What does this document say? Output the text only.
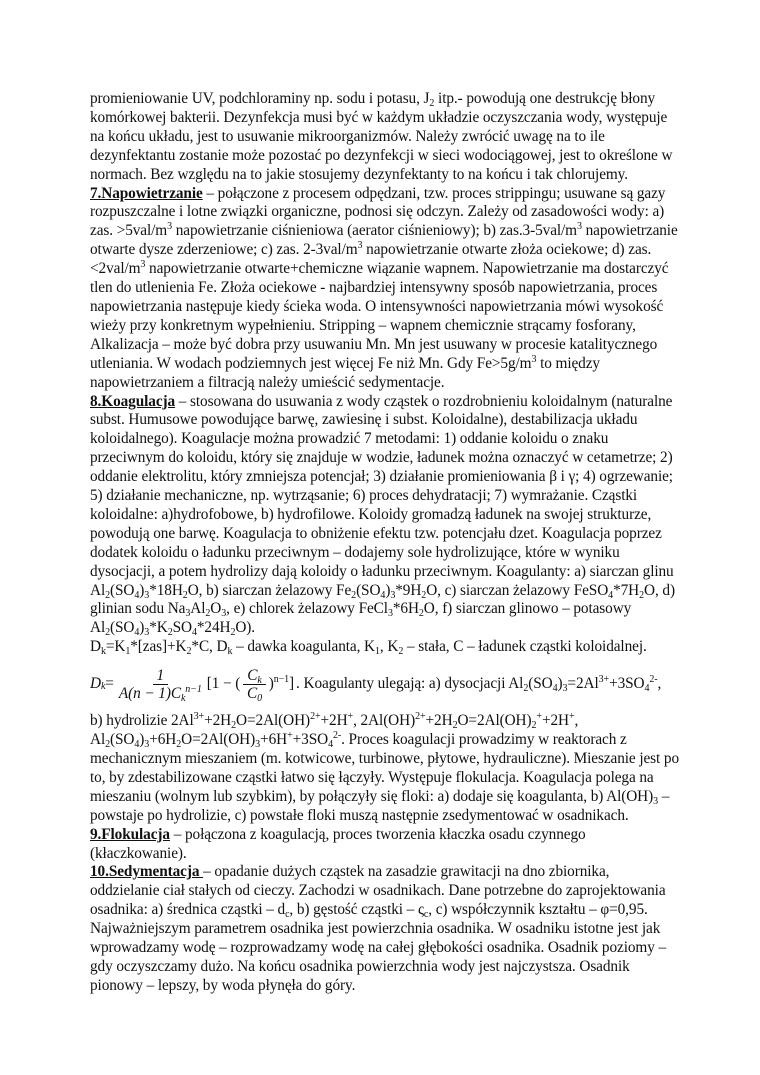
promieniowanie UV, podchloraminy np. sodu i potasu, $J_2$ itp.- powodują one destrukcję błony komórkowej bakterii. Dezynfekcja musi być w każdym układzie oczyszczania wody, występuje na końcu układu, jest to usuwanie mikroorganizmów. Należy zwrócić uwagę na to ile dezynfektantu zostanie może pozostać po dezynfekcji w sieci wodociągowej, jest to określone w normach. Bez względu na to jakie stosujemy dezynfektanty to na końcu i tak chlorujemy.

7.Napowietrzanie – połączone z procesem odpędzani, tzw. proces strippingu; usuwane są gazy rozpuszczalne i lotne związki organiczne, podnosi się odczyn. Zależy od zasadowości wody: a) zas. $>5val/m^3$ napowietrzanie ciśnieniowa (aerator ciśnieniowy); b) $zas.3-5val/m^3$ napowietrzanie otwarte dysze zderzeniowe; c) zas. $2-3val/m^3$ napowietrzanie otwarte złoża ociekowe; d) $zas.<2val/m^3$ napowietrzanie otwarte+chemiczne wiązanie wapnem. Napowietrzanie ma dostarczyć tlen do utlenienia Fe. Złoża ociekowe - najbardziej intensywny sposób napowietrzania, proces napowietrzania następuje kiedy ścieka woda. O intensywności napowietrzania mówi wysokość wieży przy konkretnym wypełnieniu. Stripping – wapnem chemicznie strącamy fosforany, Alkalizacja – może być dobra przy usuwaniu Mn. Mn jest usuwany w procesie katalitycznego utleniania. W wodach podziemnych jest więcej Fe niż Mn. Gdy $Fe>5g/m^3$ to między napowietrzaniem a filtracją należy umieścić sedymentacje.

8.Koagulacja – stosowana do usuwania z wody cząstek o rozdrobnieniu koloidalnym (naturalne subst. Humusowe powodujące barwę, zawiesinę i subst. Koloidalne), destabilizacja układu koloidalnego). Koagulacje można prowadzić 7 metodami: 1) oddanie koloidu o znaku przeciwnym do koloidu, który się znajduje w wodzie, ładunek można oznaczyć w cetametrze; 2) oddanie elektrolitu, który zmniejsza potencjał; 3) działanie promieniowania β i γ; 4) ogrzewanie; 5) działanie mechaniczne, np. wytrząsanie; 6) proces dehydratacji; 7) wymrażanie. Cząstki koloidalne: a)hydrofobowe, b) hydrofilowe. Koloidy gromadzą ładunek na swojej strukturze, powodują one barwę. Koagulacja to obniżenie efektu tzw. potencjału dzet. Koagulacja poprzez dodatek koloidu o ładunku przeciwnym – dodajemy sole hydrolizujące, które w wyniku dysocjacji, a potem hydrolizy dają koloidy o ładunku przeciwnym. Koagulanty: a) siarczan glinu $Al_2(SO_4)_3*18H_2O$, b) siarczan żelazowy $Fe_2(SO_4)_3*9H_2O$, c) siarczan żelazowy $FeSO_4*7H_2O$, d) glinian sodu $Na_3Al_2O_3$, e) chlorek żelazowy $FeCl_3*6H_2O$, f) siarczan glinowo – potasowy $Al_2(SO_4)_3*K_2SO_4*24H_2O$).
$D_k=K_1*[zas]+K_2*C$, $D_k$ – dawka koagulanta, $K_1$, $K_2$ – stała, C – ładunek cząstki koloidalnej.

$D_k = \frac{1}{A(n - 1)C_k^{n-1}} [1$ − ( $\frac{C_k}{C_0} )^{n-1}$] . Koagulanty ulegają: a) dysocjacji $Al_2(SO_4)_3=2Al^{3+}+3SO_4^{2-}$,

b) hydrolizie $2Al^{3+}+2H_2O=2Al(OH)^{2+}+2H^+$, $2Al(OH)^{2+}+2H_2O=2Al(OH)_2^++2H^+$,
$Al_2(SO_4)_3+6H_2O=2Al(OH)_3+6H^++3SO_4^{2-}$. Proces koagulacji prowadzimy w reaktorach z mechanicznym mieszaniem (m. kotwicowe, turbinowe, płytowe, hydrauliczne). Mieszanie jest po to, by zdestabilizowane cząstki łatwo się łączyły. Występuje flokulacja. Koagulacja polega na mieszaniu (wolnym lub szybkim), by połączyły się floki: a) dodaje się koagulanta, b) $Al(OH)_3$ – powstaje po hydrolizie, c) powstałe floki muszą następnie zsedymentować w osadnikach.

9.Flokulacja – połączona z koagulacją, proces tworzenia kłaczka osadu czynnego (kłaczkowanie).

10.Sedymentacja – opadanie dużych cząstek na zasadzie grawitacji na dno zbiornika, oddzielanie ciał stałych od cieczy. Zachodzi w osadnikach. Dane potrzebne do zaprojektowania osadnika: a) średnica cząstki – $d_c$, b) gęstość cząstki – $\varsigma_c$, c) współczynnik kształtu – φ=0,95. Najważniejszym parametrem osadnika jest powierzchnia osadnika. W osadniku istotne jest jak wprowadzamy wodę – rozprowadzamy wodę na całej głębokości osadnika. Osadnik poziomy – gdy oczyszczamy dużo. Na końcu osadnika powierzchnia wody jest najczystsza. Osadnik pionowy – lepszy, by woda płynęła do góry.
